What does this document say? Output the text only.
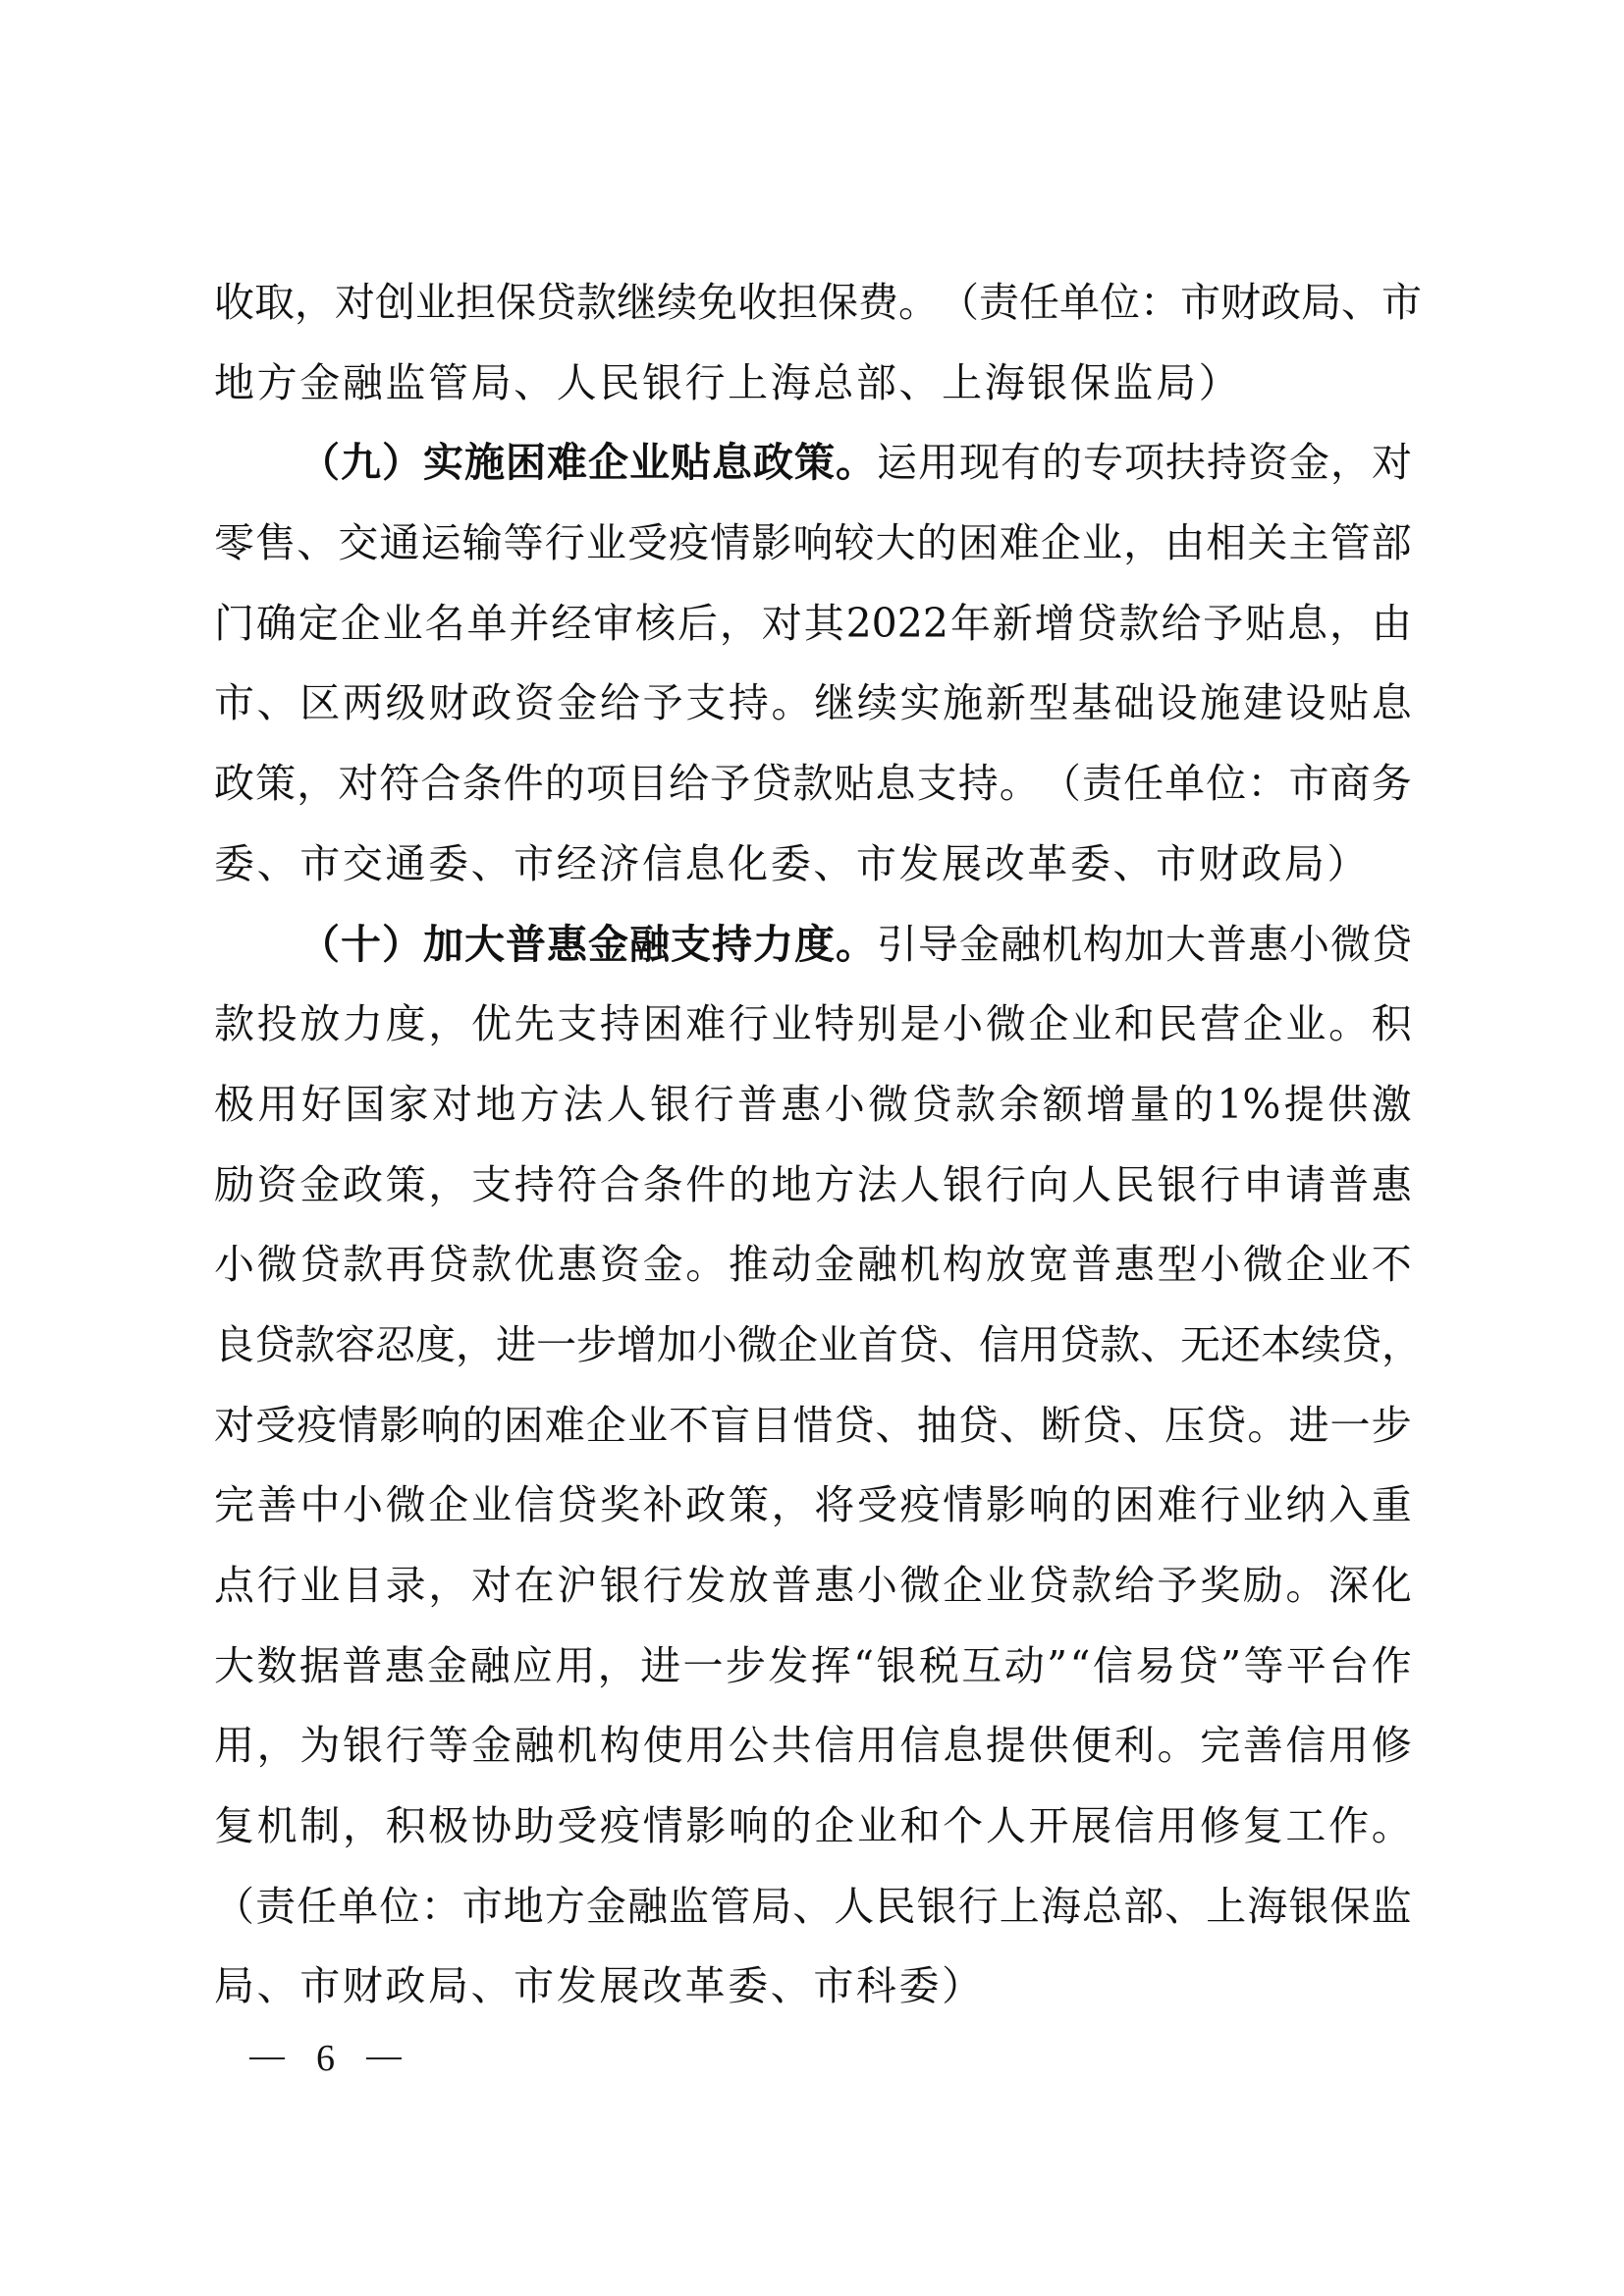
收 取 ， 对 创 业 担 保 贷 款 继 续 免 收 担 保 费 。 （ 责 任 单 位 ： 市 财 政 局 、 市
地 方 金 融 监 管 局 、 人 民 银 行 上 海 总 部 、 上 海 银 保 监 局 ）
（ 九 ） 实 施 困 难 企 业 贴 息 政 策 。 运 用 现 有 的 专 项 扶 持 资 金 ， 对
零 售 、 交 通 运 输 等 行 业 受 疫 情 影 响 较 大 的 困 难 企 业 ， 由 相 关 主 管 部
门 确 定 企 业 名 单 并 经 审 核 后 ， 对 其 2022 年 新 增 贷 款 给 予 贴 息 ， 由
市 、 区 两 级 财 政 资 金 给 予 支 持 。 继 续 实 施 新 型 基 础 设 施 建 设 贴 息
政 策 ， 对 符 合 条 件 的 项 目 给 予 贷 款 贴 息 支 持 。 （ 责 任 单 位 ： 市 商 务
委 、 市 交 通 委 、 市 经 济 信 息 化 委 、 市 发 展 改 革 委 、 市 财 政 局 ）
（ 十 ） 加 大 普 惠 金 融 支 持 力 度 。 引 导 金 融 机 构 加 大 普 惠 小 微 贷
款 投 放 力 度 ， 优 先 支 持 困 难 行 业 特 别 是 小 微 企 业 和 民 营 企 业 。 积
极 用 好 国 家 对 地 方 法 人 银 行 普 惠 小 微 贷 款 余 额 增 量 的 1% 提 供 激
励 资 金 政 策 ， 支 持 符 合 条 件 的 地 方 法 人 银 行 向 人 民 银 行 申 请 普 惠
小 微 贷 款 再 贷 款 优 惠 资 金 。 推 动 金 融 机 构 放 宽 普 惠 型 小 微 企 业 不
良 贷 款 容 忍 度 ， 进 一 步 增 加 小 微 企 业 首 贷 、 信 用 贷 款 、 无 还 本 续 贷 ，
对 受 疫 情 影 响 的 困 难 企 业 不 盲 目 惜 贷 、 抽 贷 、 断 贷 、 压 贷 。 进 一 步
完 善 中 小 微 企 业 信 贷 奖 补 政 策 ， 将 受 疫 情 影 响 的 困 难 行 业 纳 入 重
点 行 业 目 录 ， 对 在 沪 银 行 发 放 普 惠 小 微 企 业 贷 款 给 予 奖 励 。 深 化
大 数 据 普 惠 金 融 应 用 ， 进 一 步 发 挥 “ 银 税 互 动 ” “ 信 易 贷 ” 等 平 台 作
用 ， 为 银 行 等 金 融 机 构 使 用 公 共 信 用 信 息 提 供 便 利 。 完 善 信 用 修
复 机 制 ， 积 极 协 助 受 疫 情 影 响 的 企 业 和 个 人 开 展 信 用 修 复 工 作 。
（ 责 任 单 位 ： 市 地 方 金 融 监 管 局 、 人 民 银 行 上 海 总 部 、 上 海 银 保 监
局 、 市 财 政 局 、 市 发 展 改 革 委 、 市 科 委 ）
6
